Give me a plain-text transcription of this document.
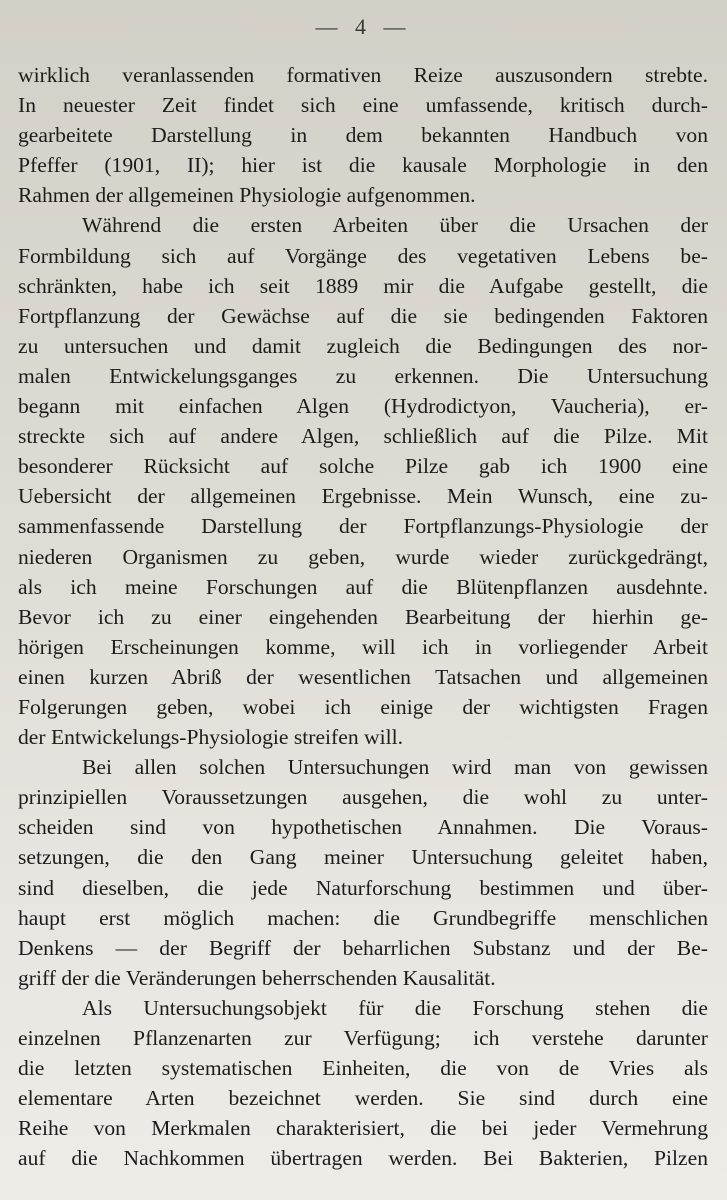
— 4 —
wirklich veranlassenden formativen Reize auszusondern strebte.
In neuester Zeit findet sich eine umfassende, kritisch durch-
gearbeitete Darstellung in dem bekannten Handbuch von
Pfeffer (1901, II); hier ist die kausale Morphologie in den
Rahmen der allgemeinen Physiologie aufgenommen.
Während die ersten Arbeiten über die Ursachen der
Formbildung sich auf Vorgänge des vegetativen Lebens be-
schränkten, habe ich seit 1889 mir die Aufgabe gestellt, die
Fortpflanzung der Gewächse auf die sie bedingenden Faktoren
zu untersuchen und damit zugleich die Bedingungen des nor-
malen Entwickelungsganges zu erkennen. Die Untersuchung
begann mit einfachen Algen (Hydrodictyon, Vaucheria), er-
streckte sich auf andere Algen, schließlich auf die Pilze. Mit
besonderer Rücksicht auf solche Pilze gab ich 1900 eine
Uebersicht der allgemeinen Ergebnisse. Mein Wunsch, eine zu-
sammenfassende Darstellung der Fortpflanzungs-Physiologie der
niederen Organismen zu geben, wurde wieder zurückgedrängt,
als ich meine Forschungen auf die Blütenpflanzen ausdehnte.
Bevor ich zu einer eingehenden Bearbeitung der hierhin ge-
hörigen Erscheinungen komme, will ich in vorliegender Arbeit
einen kurzen Abriß der wesentlichen Tatsachen und allgemeinen
Folgerungen geben, wobei ich einige der wichtigsten Fragen
der Entwickelungs-Physiologie streifen will.
Bei allen solchen Untersuchungen wird man von gewissen
prinzipiellen Voraussetzungen ausgehen, die wohl zu unter-
scheiden sind von hypothetischen Annahmen. Die Voraus-
setzungen, die den Gang meiner Untersuchung geleitet haben,
sind dieselben, die jede Naturforschung bestimmen und über-
haupt erst möglich machen: die Grundbegriffe menschlichen
Denkens — der Begriff der beharrlichen Substanz und der Be-
griff der die Veränderungen beherrschenden Kausalität.
Als Untersuchungsobjekt für die Forschung stehen die
einzelnen Pflanzenarten zur Verfügung; ich verstehe darunter
die letzten systematischen Einheiten, die von de Vries als
elementare Arten bezeichnet werden. Sie sind durch eine
Reihe von Merkmalen charakterisiert, die bei jeder Vermehrung
auf die Nachkommen übertragen werden. Bei Bakterien, Pilzen
